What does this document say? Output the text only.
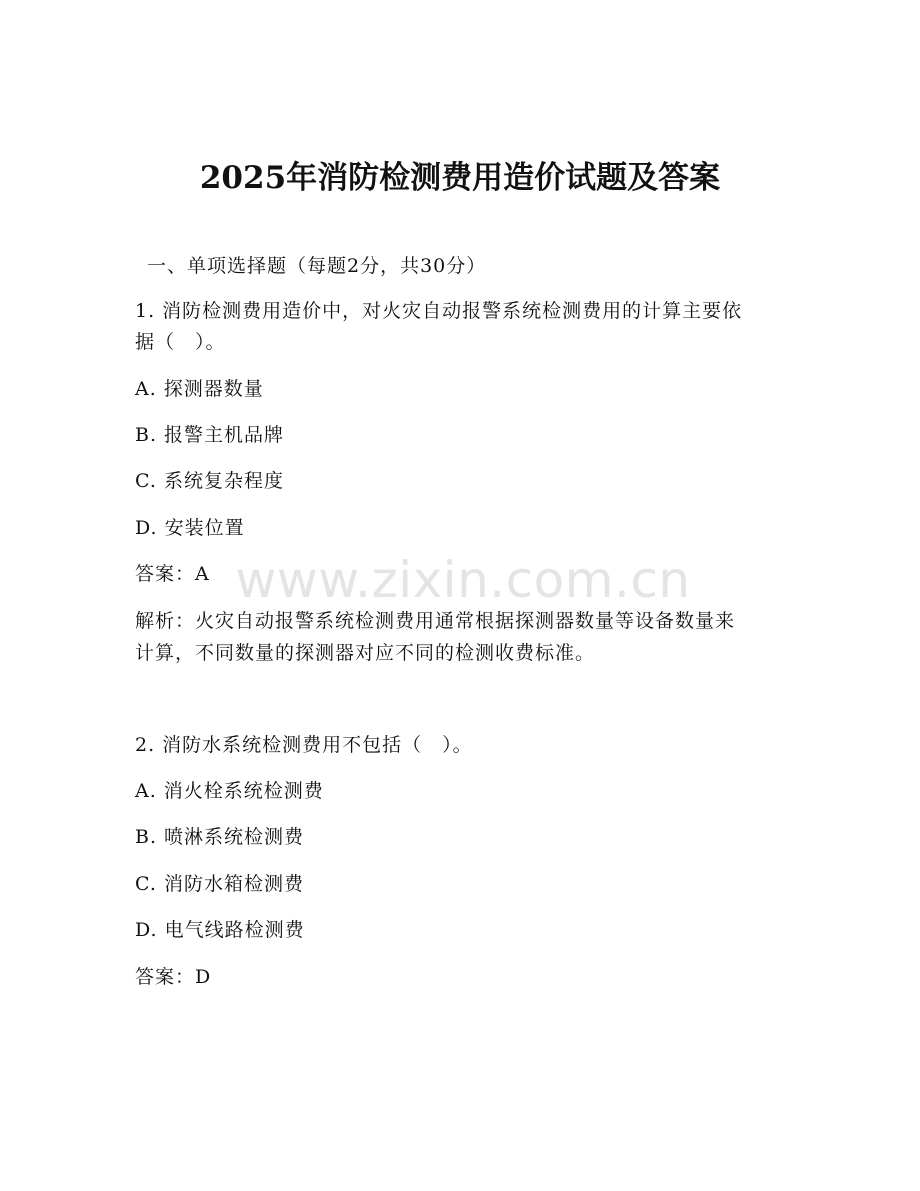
2025年消防检测费用造价试题及答案
一、单项选择题（每题2分，共30分）
1. 消防检测费用造价中，对火灾自动报警系统检测费用的计算主要依
据（　）。
A. 探测器数量
B. 报警主机品牌
C. 系统复杂程度
D. 安装位置
答案：A
解析：火灾自动报警系统检测费用通常根据探测器数量等设备数量来
计算，不同数量的探测器对应不同的检测收费标准。
2. 消防水系统检测费用不包括（　）。
A. 消火栓系统检测费
B. 喷淋系统检测费
C. 消防水箱检测费
D. 电气线路检测费
答案：D
www.zixin.com.cn
